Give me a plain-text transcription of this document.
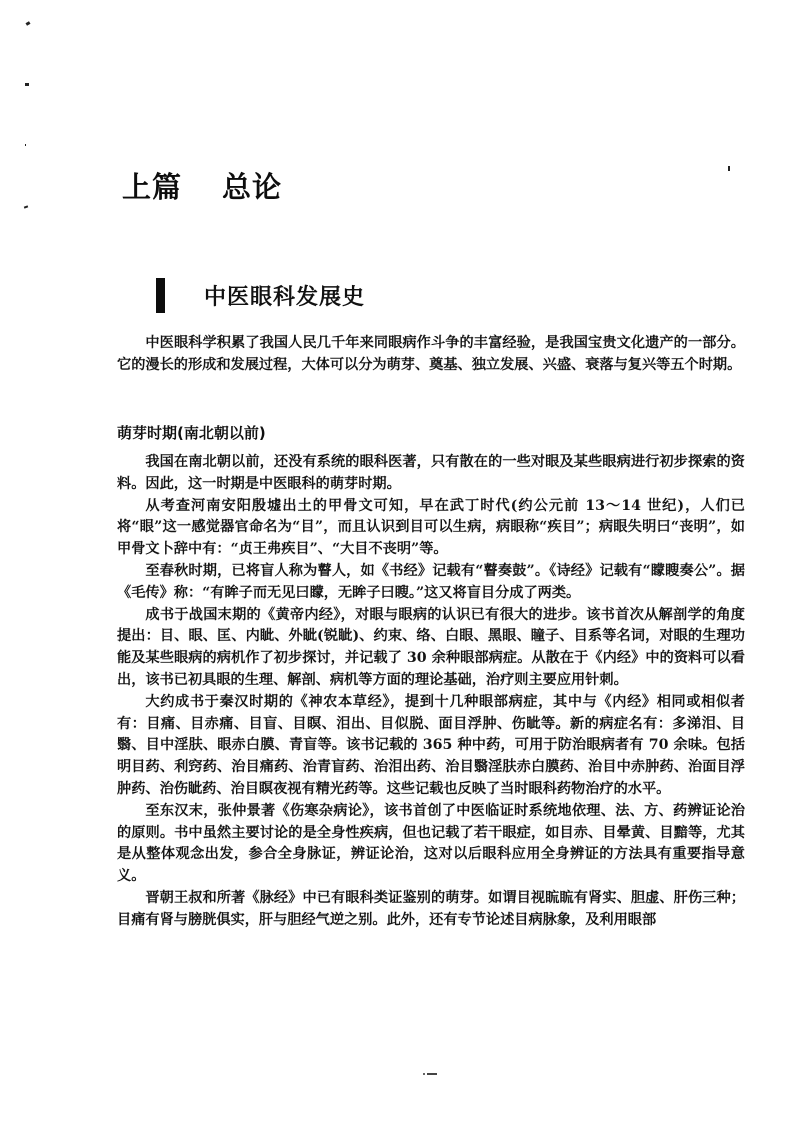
上篇 总论
中医眼科发展史

中医眼科学积累了我国人民几千年来同眼病作斗争的丰富经验，是我国宝贵文化遗产的一部分。它的漫长的形成和发展过程，大体可以分为萌芽、奠基、独立发展、兴盛、衰落与复兴等五个时期。

萌芽时期(南北朝以前)

我国在南北朝以前，还没有系统的眼科医著，只有散在的一些对眼及某些眼病进行初步探索的资料。因此，这一时期是中医眼科的萌芽时期。

从考查河南安阳殷墟出土的甲骨文可知，早在武丁时代(约公元前 13～14 世纪)，人们已将“眼”这一感觉器官命名为“目”，而且认识到目可以生病，病眼称“疾目”；病眼失明曰“丧明”，如甲骨文卜辞中有：“贞王弗疾目”、“大目不丧明”等。

至春秋时期，已将盲人称为瞽人，如《书经》记载有“瞽奏鼓”。《诗经》记载有“矇瞍奏公”。据《毛传》称：“有眸子而无见曰矇，无眸子曰瞍。”这又将盲目分成了两类。

成书于战国末期的《黄帝内经》，对眼与眼病的认识已有很大的进步。该书首次从解剖学的角度提出：目、眼、匡、内眦、外眦(锐眦)、约束、络、白眼、黑眼、瞳子、目系等名词，对眼的生理功能及某些眼病的病机作了初步探讨，并记载了 30 余种眼部病症。从散在于《内经》中的资料可以看出，该书已初具眼的生理、解剖、病机等方面的理论基础，治疗则主要应用针刺。

大约成书于秦汉时期的《神农本草经》，提到十几种眼部病症，其中与《内经》相同或相似者有：目痛、目赤痛、目盲、目瞑、泪出、目似脱、面目浮肿、伤眦等。新的病症名有：多涕泪、目翳、目中淫肤、眼赤白膜、青盲等。该书记载的 365 种中药，可用于防治眼病者有 70 余味。包括明目药、利窍药、治目痛药、治青盲药、治泪出药、治目翳淫肤赤白膜药、治目中赤肿药、治面目浮肿药、治伤眦药、治目瞑夜视有精光药等。这些记载也反映了当时眼科药物治疗的水平。

至东汉末，张仲景著《伤寒杂病论》，该书首创了中医临证时系统地依理、法、方、药辨证论治的原则。书中虽然主要讨论的是全身性疾病，但也记载了若干眼症，如目赤、目晕黄、目黯等，尤其是从整体观念出发，参合全身脉证，辨证论治，这对以后眼科应用全身辨证的方法具有重要指导意义。

晋朝王叔和所著《脉经》中已有眼科类证鉴别的萌芽。如谓目视䀮䀮有肾实、胆虚、肝伤三种；目痛有肾与膀胱俱实，肝与胆经气逆之别。此外，还有专节论述目病脉象，及利用眼部
